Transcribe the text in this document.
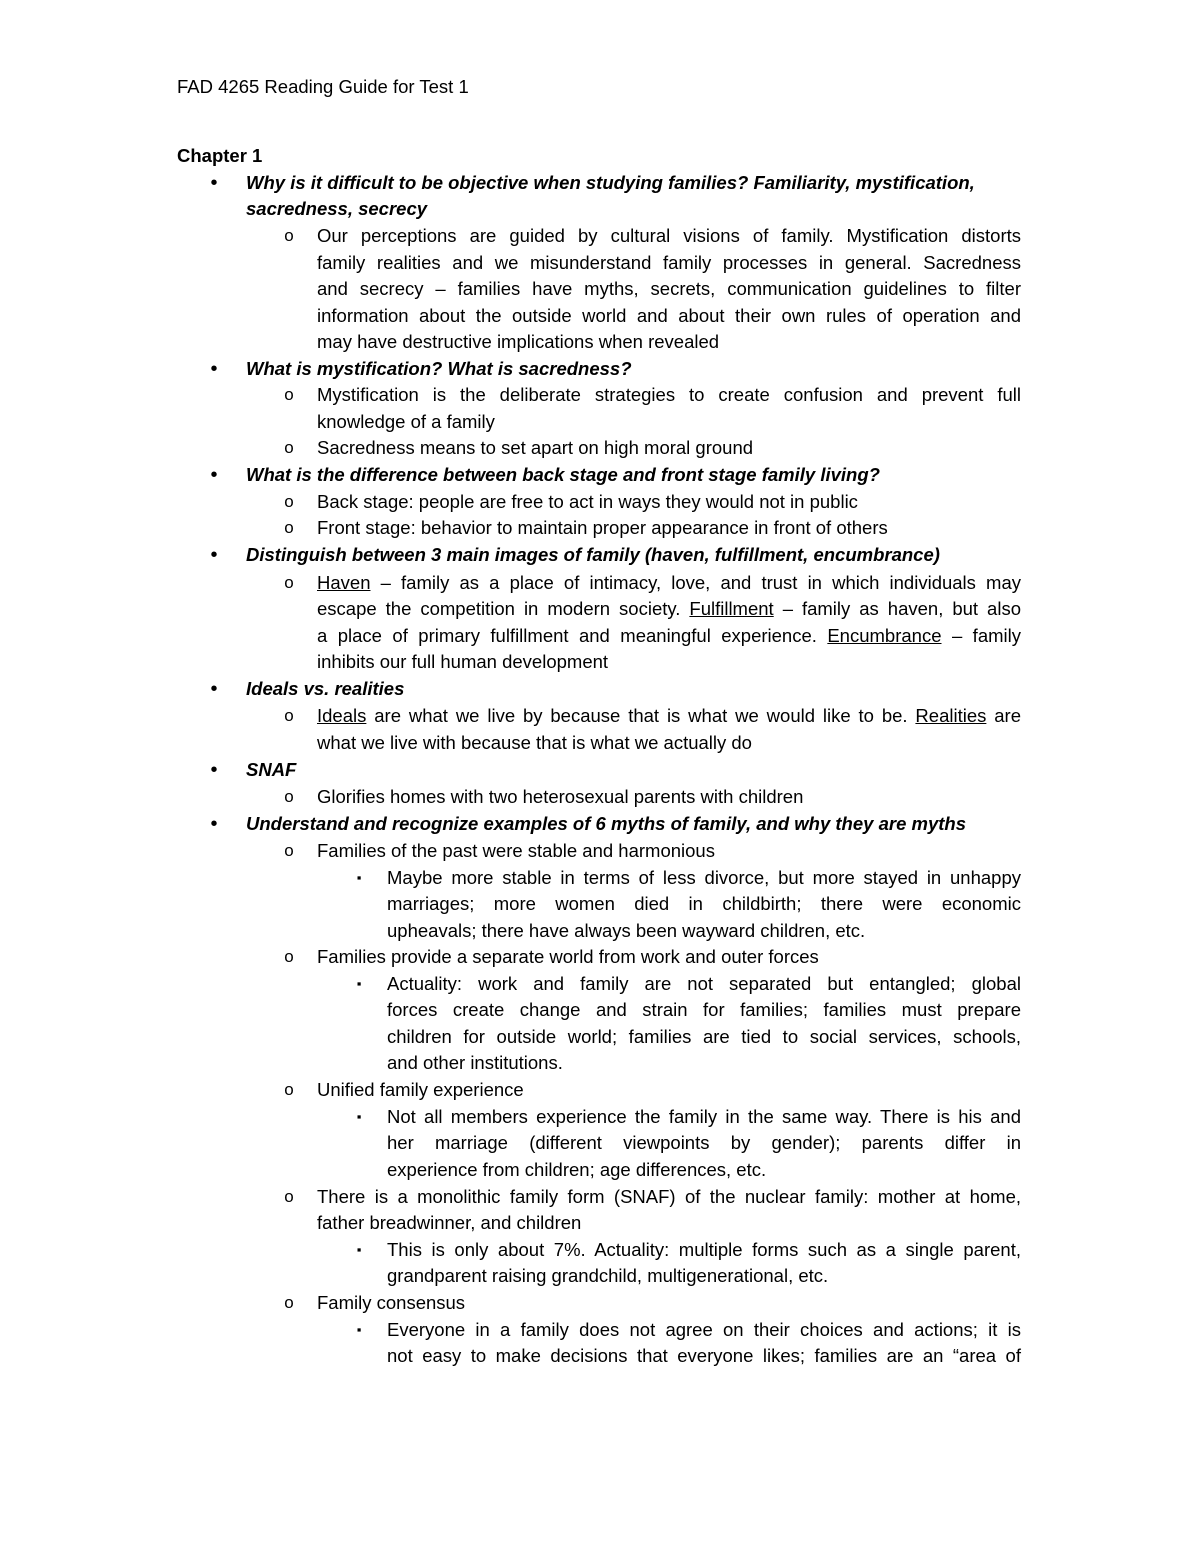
FAD 4265 Reading Guide for Test 1
Chapter 1
• Why is it difficult to be objective when studying families? Familiarity, mystification,
sacredness, secrecy
o Our perceptions are guided by cultural visions of family. Mystification distorts
family realities and we misunderstand family processes in general. Sacredness
and secrecy – families have myths, secrets, communication guidelines to filter
information about the outside world and about their own rules of operation and
may have destructive implications when revealed
• What is mystification? What is sacredness?
o Mystification is the deliberate strategies to create confusion and prevent full
knowledge of a family
o Sacredness means to set apart on high moral ground
• What is the difference between back stage and front stage family living?
o Back stage: people are free to act in ways they would not in public
o Front stage: behavior to maintain proper appearance in front of others
• Distinguish between 3 main images of family (haven, fulfillment, encumbrance)
o Haven – family as a place of intimacy, love, and trust in which individuals may
escape the competition in modern society. Fulfillment – family as haven, but also
a place of primary fulfillment and meaningful experience. Encumbrance – family
inhibits our full human development
• Ideals vs. realities
o Ideals are what we live by because that is what we would like to be. Realities are
what we live with because that is what we actually do
• SNAF
o Glorifies homes with two heterosexual parents with children
• Understand and recognize examples of 6 myths of family, and why they are myths
o Families of the past were stable and harmonious
▪ Maybe more stable in terms of less divorce, but more stayed in unhappy
marriages; more women died in childbirth; there were economic
upheavals; there have always been wayward children, etc.
o Families provide a separate world from work and outer forces
▪ Actuality: work and family are not separated but entangled; global
forces create change and strain for families; families must prepare
children for outside world; families are tied to social services, schools,
and other institutions.
o Unified family experience
▪ Not all members experience the family in the same way. There is his and
her marriage (different viewpoints by gender); parents differ in
experience from children; age differences, etc.
o There is a monolithic family form (SNAF) of the nuclear family: mother at home,
father breadwinner, and children
▪ This is only about 7%. Actuality: multiple forms such as a single parent,
grandparent raising grandchild, multigenerational, etc.
o Family consensus
▪ Everyone in a family does not agree on their choices and actions; it is
not easy to make decisions that everyone likes; families are an “area of
